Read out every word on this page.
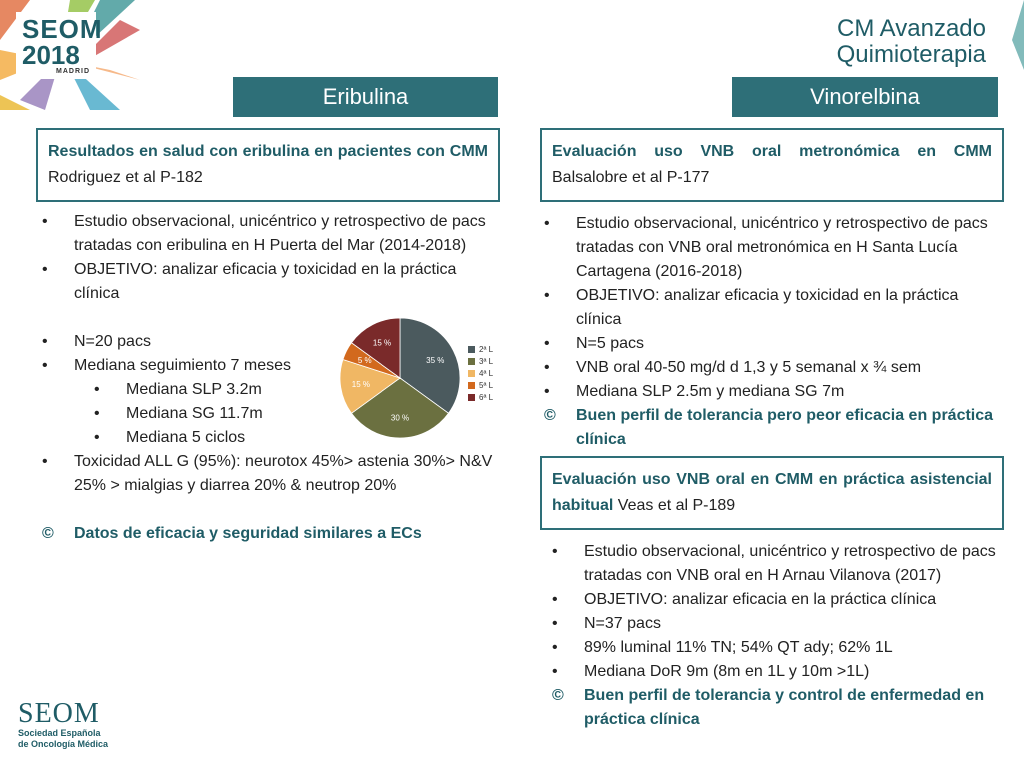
SEOM
2018
MADRID
CM Avanzado
Quimioterapia
Eribulina	Vinorelbina
Resultados en salud con eribulina en pacientes con CMM Rodriguez et al P-182
Evaluación uso VNB oral metronómica en CMM Balsalobre et al P-177
Evaluación uso VNB oral en CMM en práctica asistencial habitual Veas et al P-189
•	Estudio observacional, unicéntrico y retrospectivo de pacs tratadas con eribulina en H Puerta del Mar (2014-2018)
•	OBJETIVO: analizar eficacia y toxicidad en la práctica clínica
•	N=20 pacs
•	Mediana seguimiento 7 meses
•	Mediana SLP 3.2m
•	Mediana SG 11.7m
•	Mediana 5 ciclos
•	Toxicidad ALL G (95%): neurotox 45%> astenia 30%> N&V 25% > mialgias y diarrea 20% & neutrop 20%
©	Datos de eficacia y seguridad similares a ECs
35 %
30 %
15 %
5 %
15 %
2ª L
3ª L
4ª L
5ª L
6ª L
•	Estudio observacional, unicéntrico y retrospectivo de pacs tratadas con VNB oral metronómica en H Santa Lucía Cartagena (2016-2018)
•	OBJETIVO: analizar eficacia y toxicidad en la práctica clínica
•	N=5 pacs
•	VNB oral 40-50 mg/d d 1,3 y 5 semanal x ¾ sem
•	Mediana SLP 2.5m y mediana SG 7m
©	Buen perfil de tolerancia pero peor eficacia en práctica clínica
•	Estudio observacional, unicéntrico y retrospectivo de pacs tratadas con VNB oral en H Arnau Vilanova (2017)
•	OBJETIVO: analizar eficacia en la práctica clínica
•	N=37 pacs
•	89% luminal 11% TN; 54% QT ady; 62% 1L
•	Mediana DoR 9m (8m en 1L y 10m >1L)
©	Buen perfil de tolerancia y control de enfermedad en práctica clínica
SEOM
Sociedad Española
de Oncología Médica
